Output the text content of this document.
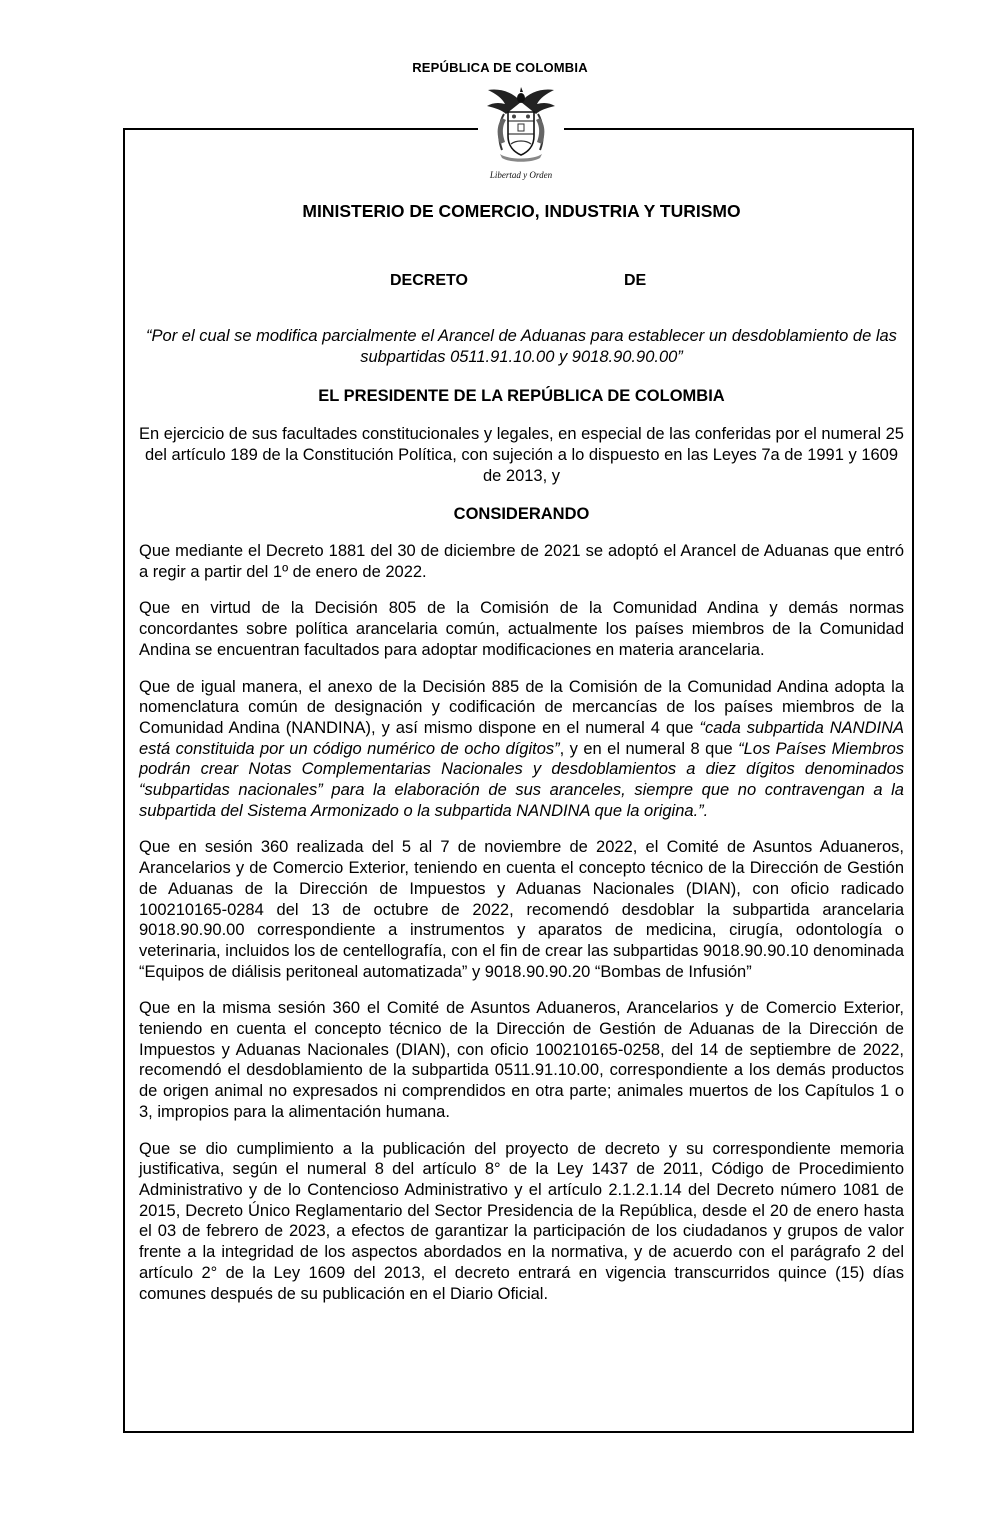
REPÚBLICA DE COLOMBIA
Libertad y Orden
MINISTERIO DE COMERCIO, INDUSTRIA Y TURISMO
DECRETO	DE
“Por el cual se modifica parcialmente el Arancel de Aduanas para establecer un desdoblamiento de las subpartidas 0511.91.10.00 y 9018.90.90.00”
EL PRESIDENTE DE LA REPÚBLICA DE COLOMBIA
En ejercicio de sus facultades constitucionales y legales, en especial de las conferidas por el numeral 25 del artículo 189 de la Constitución Política, con sujeción a lo dispuesto en las Leyes 7a de 1991 y 1609 de 2013, y
CONSIDERANDO
Que mediante el Decreto 1881 del 30 de diciembre de 2021 se adoptó el Arancel de Aduanas que entró a regir a partir del 1º de enero de 2022.
Que en virtud de la Decisión 805 de la Comisión de la Comunidad Andina y demás normas concordantes sobre política arancelaria común, actualmente los países miembros de la Comunidad Andina se encuentran facultados para adoptar modificaciones en materia arancelaria.
Que de igual manera, el anexo de la Decisión 885 de la Comisión de la Comunidad Andina adopta la nomenclatura común de designación y codificación de mercancías de los países miembros de la Comunidad Andina (NANDINA), y así mismo dispone en el numeral 4 que “cada subpartida NANDINA está constituida por un código numérico de ocho dígitos”, y en el numeral 8 que “Los Países Miembros podrán crear Notas Complementarias Nacionales y desdoblamientos a diez dígitos denominados “subpartidas nacionales” para la elaboración de sus aranceles, siempre que no contravengan a la subpartida del Sistema Armonizado o la subpartida NANDINA que la origina.”.
Que en sesión 360 realizada del 5 al 7 de noviembre de 2022, el Comité de Asuntos Aduaneros, Arancelarios y de Comercio Exterior, teniendo en cuenta el concepto técnico de la Dirección de Gestión de Aduanas de la Dirección de Impuestos y Aduanas Nacionales (DIAN), con oficio radicado 100210165-0284 del 13 de octubre de 2022, recomendó desdoblar la subpartida arancelaria 9018.90.90.00 correspondiente a instrumentos y aparatos de medicina, cirugía, odontología o veterinaria, incluidos los de centellografía, con el fin de crear las subpartidas 9018.90.90.10 denominada “Equipos de diálisis peritoneal automatizada” y 9018.90.90.20 “Bombas de Infusión”
Que en la misma sesión 360 el Comité de Asuntos Aduaneros, Arancelarios y de Comercio Exterior, teniendo en cuenta el concepto técnico de la Dirección de Gestión de Aduanas de la Dirección de Impuestos y Aduanas Nacionales (DIAN), con oficio 100210165-0258, del 14 de septiembre de 2022, recomendó el desdoblamiento de la subpartida 0511.91.10.00, correspondiente a los demás productos de origen animal no expresados ni comprendidos en otra parte; animales muertos de los Capítulos 1 o 3, impropios para la alimentación humana.
Que se dio cumplimiento a la publicación del proyecto de decreto y su correspondiente memoria justificativa, según el numeral 8 del artículo 8° de la Ley 1437 de 2011, Código de Procedimiento Administrativo y de lo Contencioso Administrativo y el artículo 2.1.2.1.14 del Decreto número 1081 de 2015, Decreto Único Reglamentario del Sector Presidencia de la República, desde el 20 de enero hasta el 03 de febrero de 2023, a efectos de garantizar la participación de los ciudadanos y grupos de valor frente a la integridad de los aspectos abordados en la normativa, y de acuerdo con el parágrafo 2 del artículo 2° de la Ley 1609 del 2013, el decreto entrará en vigencia transcurridos quince (15) días comunes después de su publicación en el Diario Oficial.
